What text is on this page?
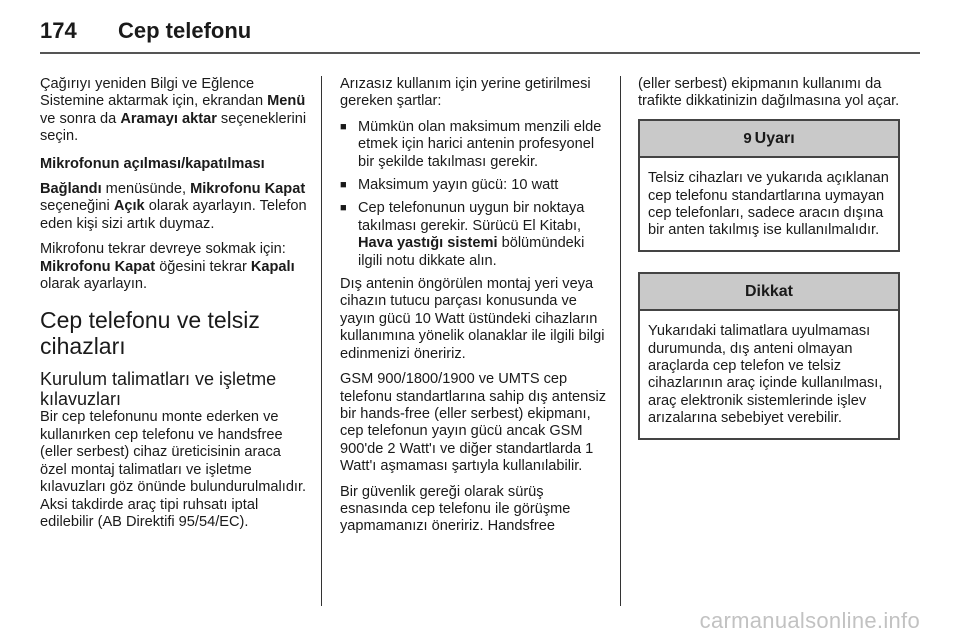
174 Cep telefonu

Çağırıyı yeniden Bilgi ve Eğlence Sistemine aktarmak için, ekrandan Menü ve sonra da Aramayı aktar seçeneklerini seçin.

Mikrofonun açılması/kapatılması

Bağlandı menüsünde, Mikrofonu Kapat seçeneğini Açık olarak ayarlayın. Telefon eden kişi sizi artık duymaz.

Mikrofonu tekrar devreye sokmak için: Mikrofonu Kapat öğesini tekrar Kapalı olarak ayarlayın.

Cep telefonu ve telsiz cihazları
Kurulum talimatları ve işletme kılavuzları

Bir cep telefonunu monte ederken ve kullanırken cep telefonu ve handsfree (eller serbest) cihaz üreticisinin araca özel montaj talimatları ve işletme kılavuzları göz önünde bulundurulmalıdır. Aksi takdirde araç tipi ruhsatı iptal edilebilir (AB Direktifi 95/54/EC).

Arızasız kullanım için yerine getirilmesi gereken şartlar:

■ Mümkün olan maksimum menzili elde etmek için harici antenin profesyonel bir şekilde takılması gerekir.
■ Maksimum yayın gücü: 10 watt
■ Cep telefonunun uygun bir noktaya takılması gerekir. Sürücü El Kitabı, Hava yastığı sistemi bölümündeki ilgili notu dikkate alın.

Dış antenin öngörülen montaj yeri veya cihazın tutucu parçası konusunda ve yayın gücü 10 Watt üstündeki cihazların kullanımına yönelik olanaklar ile ilgili bilgi edinmenizi öneririz.

GSM 900/1800/1900 ve UMTS cep telefonu standartlarına sahip dış antensiz bir hands-free (eller serbest) ekipmanı, cep telefonun yayın gücü ancak GSM 900'de 2 Watt'ı ve diğer standartlarda 1 Watt'ı aşmaması şartıyla kullanılabilir.

Bir güvenlik gereği olarak sürüş esnasında cep telefonu ile görüşme yapmamanızı öneririz. Handsfree

(eller serbest) ekipmanın kullanımı da trafikte dikkatinizin dağılmasına yol açar.

9 Uyarı
Telsiz cihazları ve yukarıda açıklanan cep telefonu standartlarına uymayan cep telefonları, sadece aracın dışına bir anten takılmış ise kullanılmalıdır.
Dikkat
Yukarıdaki talimatlara uyulmaması durumunda, dış anteni olmayan araçlarda cep telefon ve telsiz cihazlarının araç içinde kullanılması, araç elektronik sistemlerinde işlev arızalarına sebebiyet verebilir.
carmanualsonline.info
